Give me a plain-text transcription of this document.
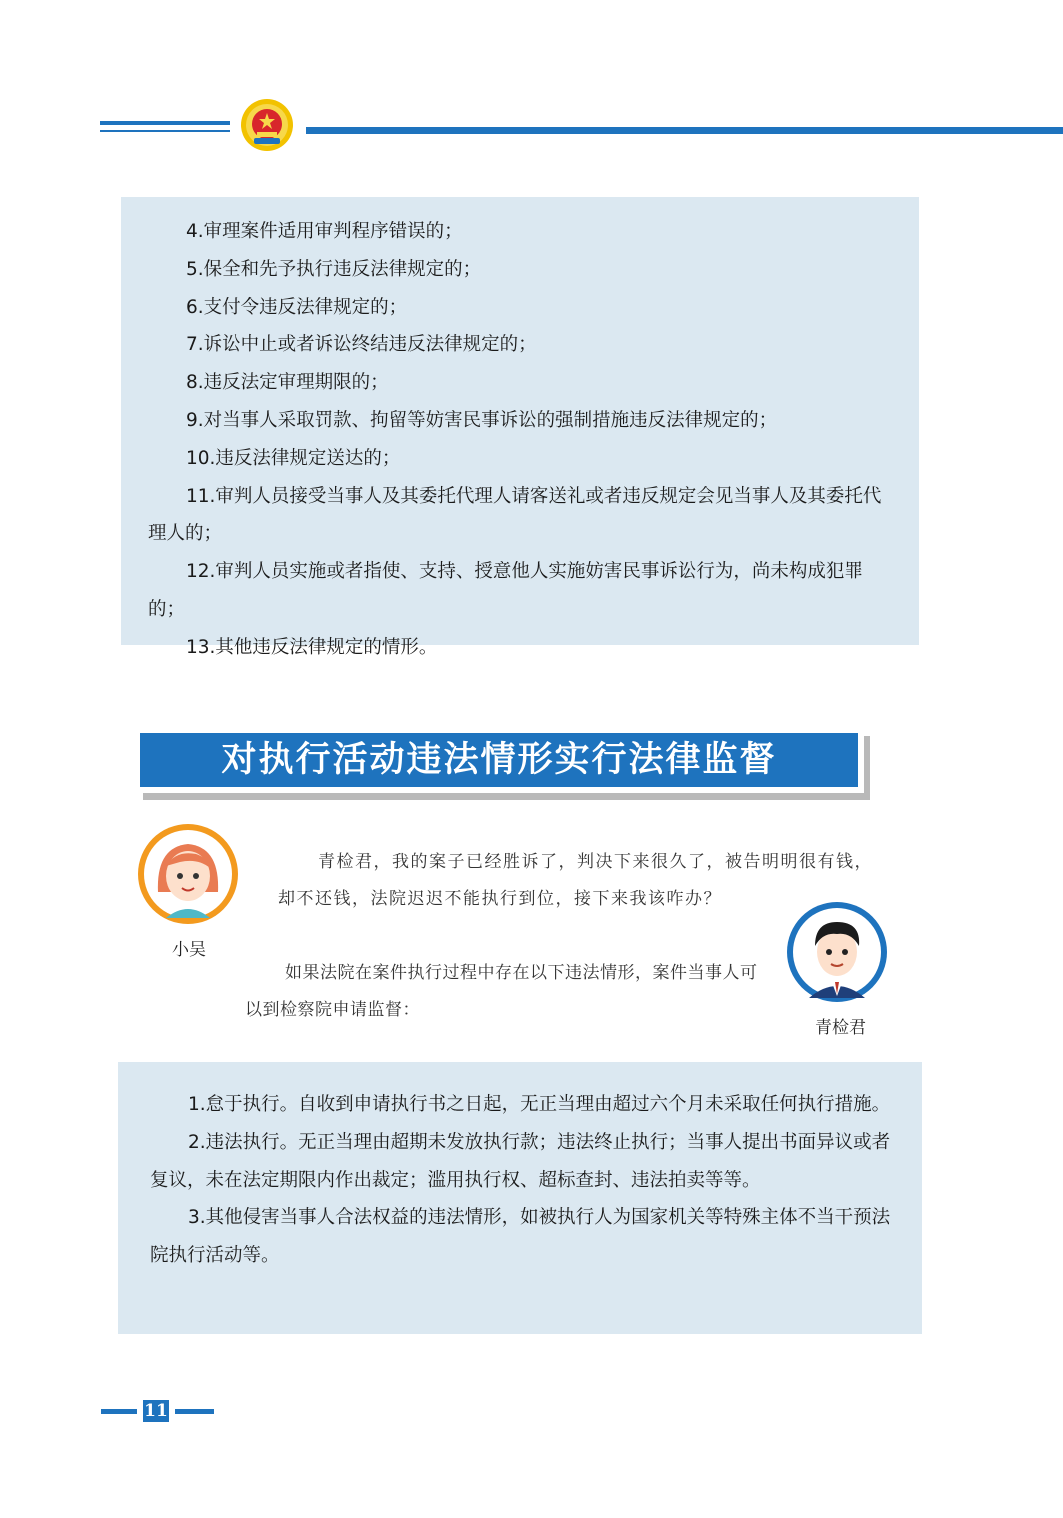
4.审理案件适用审判程序错误的；

5.保全和先予执行违反法律规定的；

6.支付令违反法律规定的；

7.诉讼中止或者诉讼终结违反法律规定的；

8.违反法定审理期限的；

9.对当事人采取罚款、拘留等妨害民事诉讼的强制措施违反法律规定的；

10.违反法律规定送达的；

11.审判人员接受当事人及其委托代理人请客送礼或者违反规定会见当事人及其委托代理人的；

12.审判人员实施或者指使、支持、授意他人实施妨害民事诉讼行为，尚未构成犯罪的；

13.其他违反法律规定的情形。

对执行活动违法情形实行法律监督
小吴

青检君，我的案子已经胜诉了，判决下来很久了，被告明明很有钱，却不还钱，法院迟迟不能执行到位，接下来我该咋办？

青检君

如果法院在案件执行过程中存在以下违法情形，案件当事人可以到检察院申请监督：

1.怠于执行。自收到申请执行书之日起，无正当理由超过六个月未采取任何执行措施。

2.违法执行。无正当理由超期未发放执行款；违法终止执行；当事人提出书面异议或者复议，未在法定期限内作出裁定；滥用执行权、超标查封、违法拍卖等等。

3.其他侵害当事人合法权益的违法情形，如被执行人为国家机关等特殊主体不当干预法院执行活动等。

11
